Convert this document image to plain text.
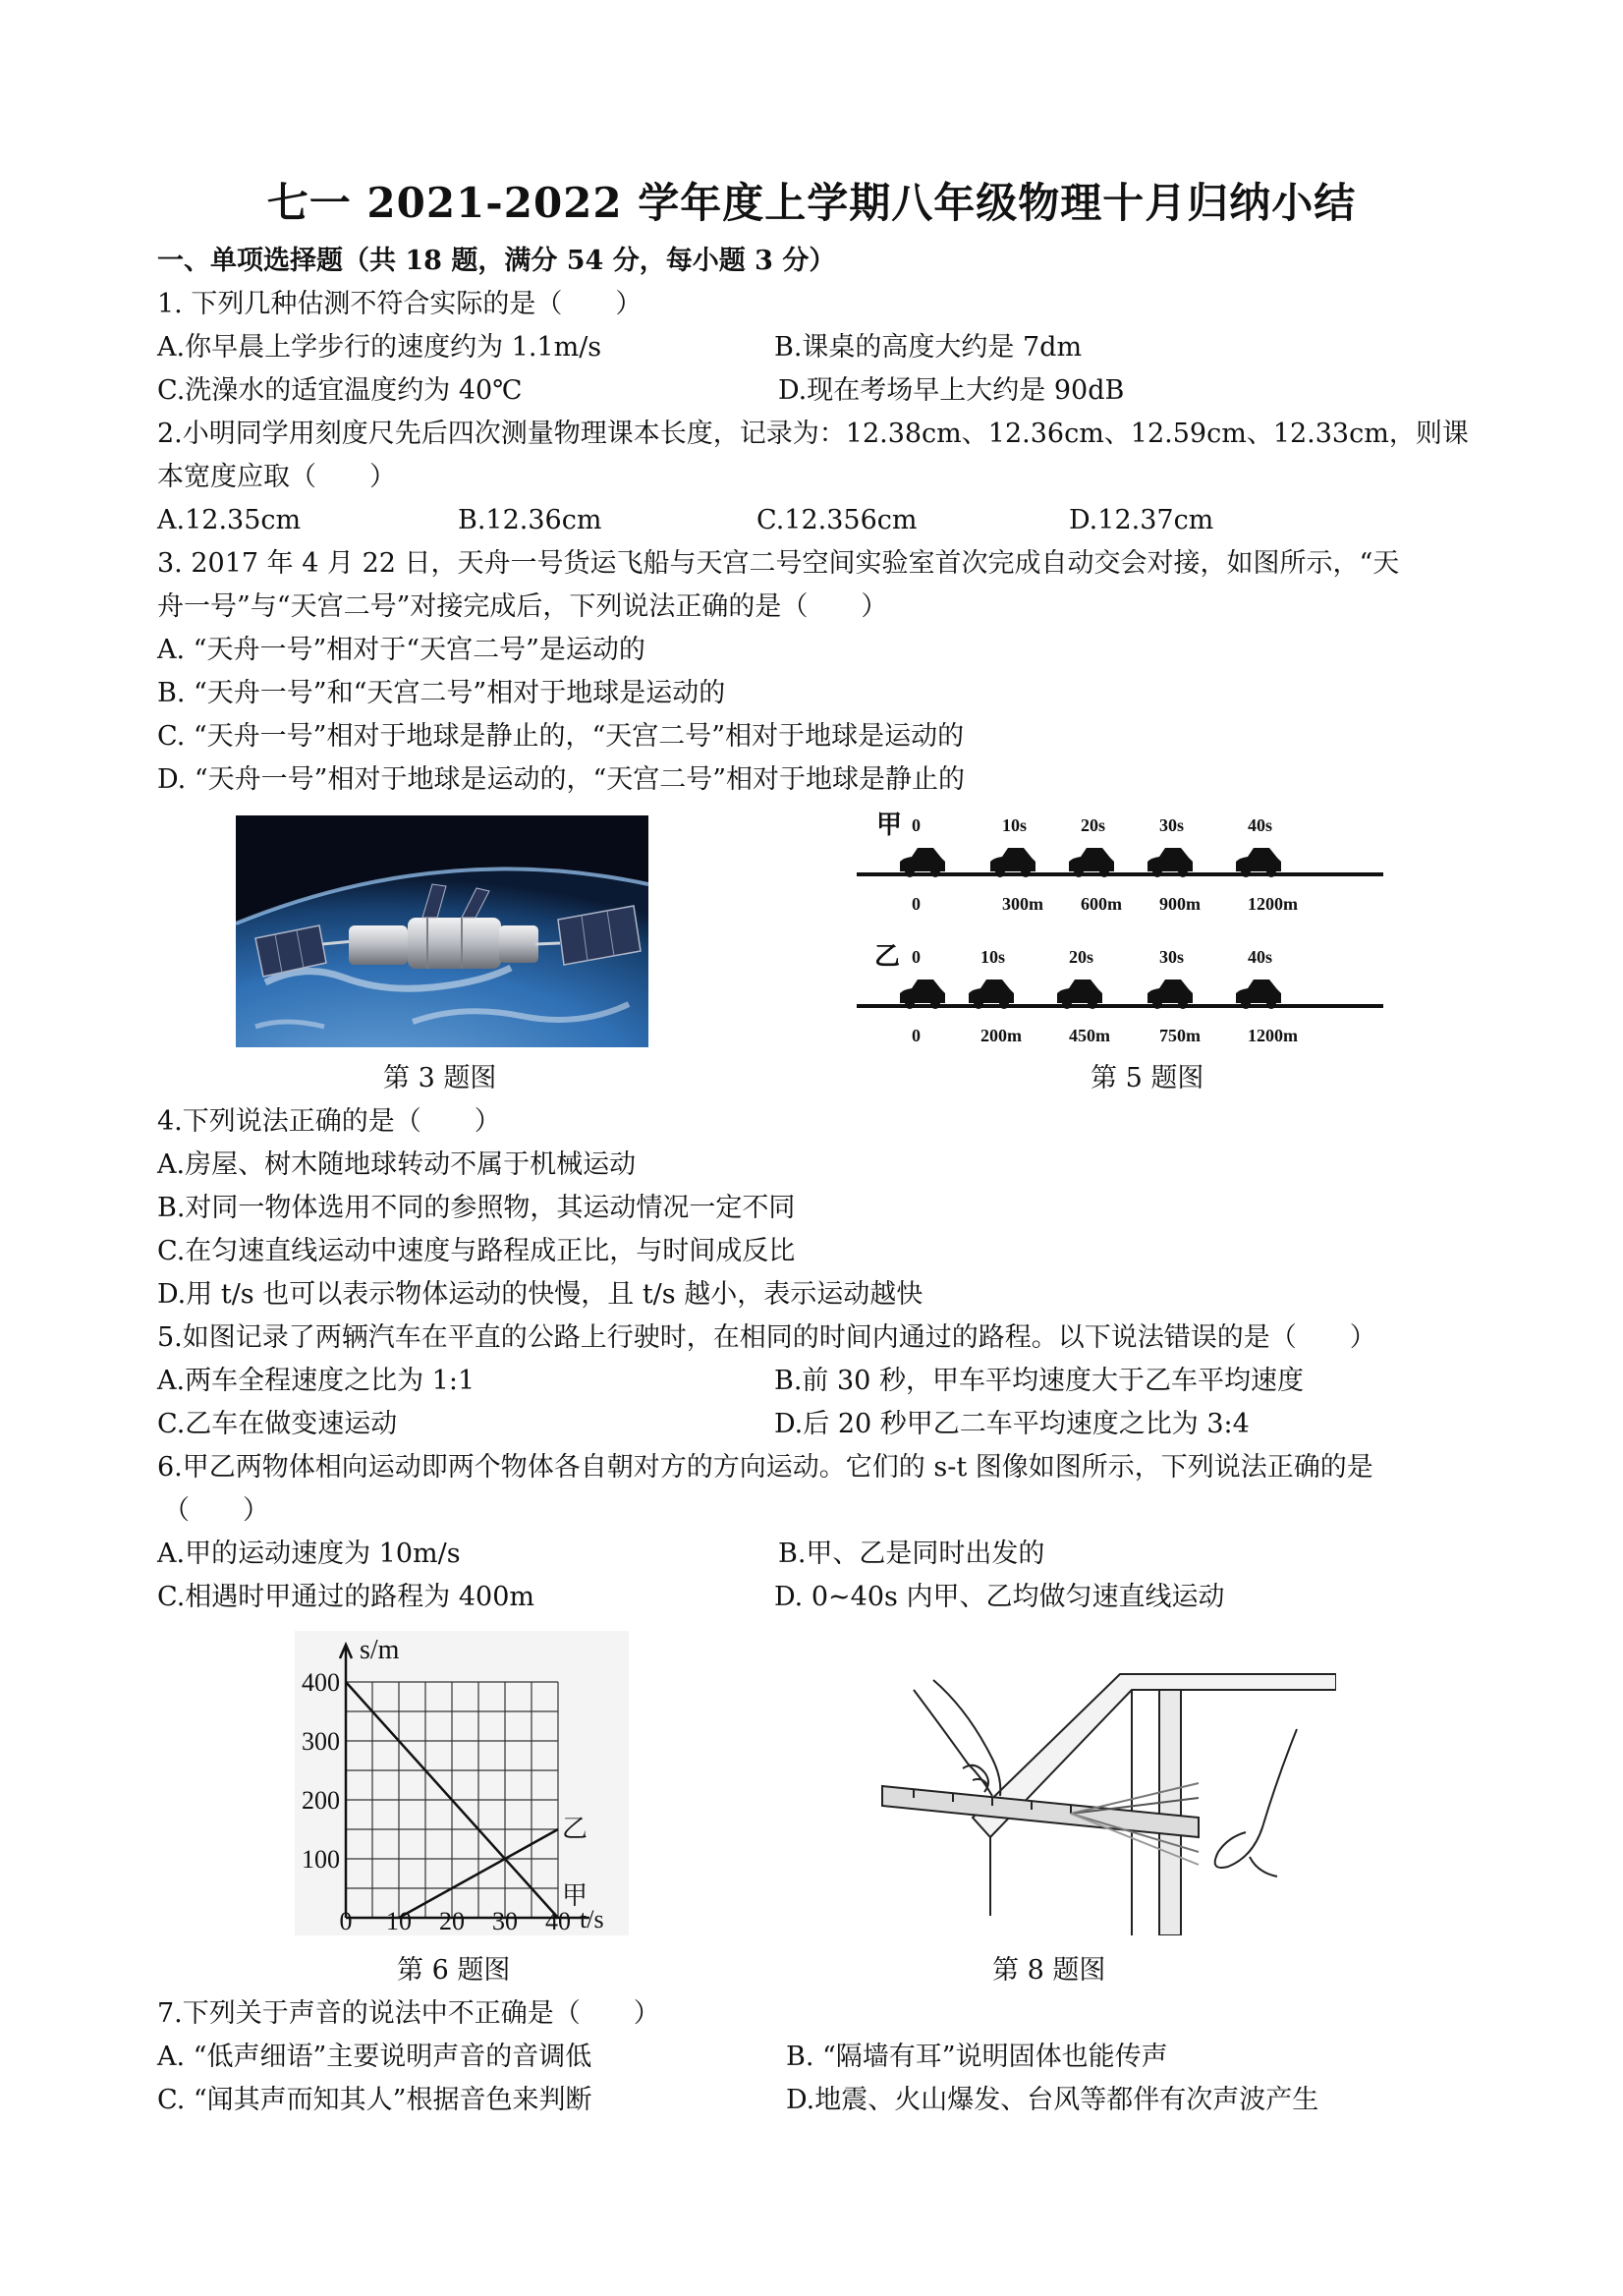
七一 2021-2022 学年度上学期八年级物理十月归纳小结
一、单项选择题（共 18 题，满分 54 分，每小题 3 分）
1. 下列几种估测不符合实际的是（　　）
A.你早晨上学步行的速度约为 1.1m/s	B.课桌的高度大约是 7dm
C.洗澡水的适宜温度约为 40℃	D.现在考场早上大约是 90dB
2.小明同学用刻度尺先后四次测量物理课本长度，记录为：12.38cm、12.36cm、12.59cm、12.33cm，则课
本宽度应取（　　）
A.12.35cm	B.12.36cm	C.12.356cm	D.12.37cm
3. 2017 年 4 月 22 日，天舟一号货运飞船与天宫二号空间实验室首次完成自动交会对接，如图所示，“天
舟一号”与“天宫二号”对接完成后，下列说法正确的是（　　）
A. “天舟一号”相对于“天宫二号”是运动的
B. “天舟一号”和“天宫二号”相对于地球是运动的
C. “天舟一号”相对于地球是静止的，“天宫二号”相对于地球是运动的
D. “天舟一号”相对于地球是运动的，“天宫二号”相对于地球是静止的
第 3 题图
甲
乙
0
0
10s
300m
20s
600m
30s
900m
40s
1200m
0
0
10s
200m
20s
450m
30s
750m
40s
1200m
第 5 题图
4.下列说法正确的是（　　）
A.房屋、树木随地球转动不属于机械运动
B.对同一物体选用不同的参照物，其运动情况一定不同
C.在匀速直线运动中速度与路程成正比，与时间成反比
D.用 t/s 也可以表示物体运动的快慢，且 t/s 越小，表示运动越快
5.如图记录了两辆汽车在平直的公路上行驶时，在相同的时间内通过的路程。以下说法错误的是（　　）
A.两车全程速度之比为 1:1	B.前 30 秒，甲车平均速度大于乙车平均速度
C.乙车在做变速运动	D.后 20 秒甲乙二车平均速度之比为 3:4
6.甲乙两物体相向运动即两个物体各自朝对方的方向运动。它们的 s-t 图像如图所示，下列说法正确的是
（　　）
A.甲的运动速度为 10m/s	B.甲、乙是同时出发的
C.相遇时甲通过的路程为 400m	D. 0~40s 内甲、乙均做匀速直线运动
0 10 20 30 40
100
200
300
400
甲
乙
s/m
t/s
第 6 题图	第 8 题图
7.下列关于声音的说法中不正确是（　　）
A. “低声细语”主要说明声音的音调低	B. “隔墙有耳”说明固体也能传声
C. “闻其声而知其人”根据音色来判断	D.地震、火山爆发、台风等都伴有次声波产生
